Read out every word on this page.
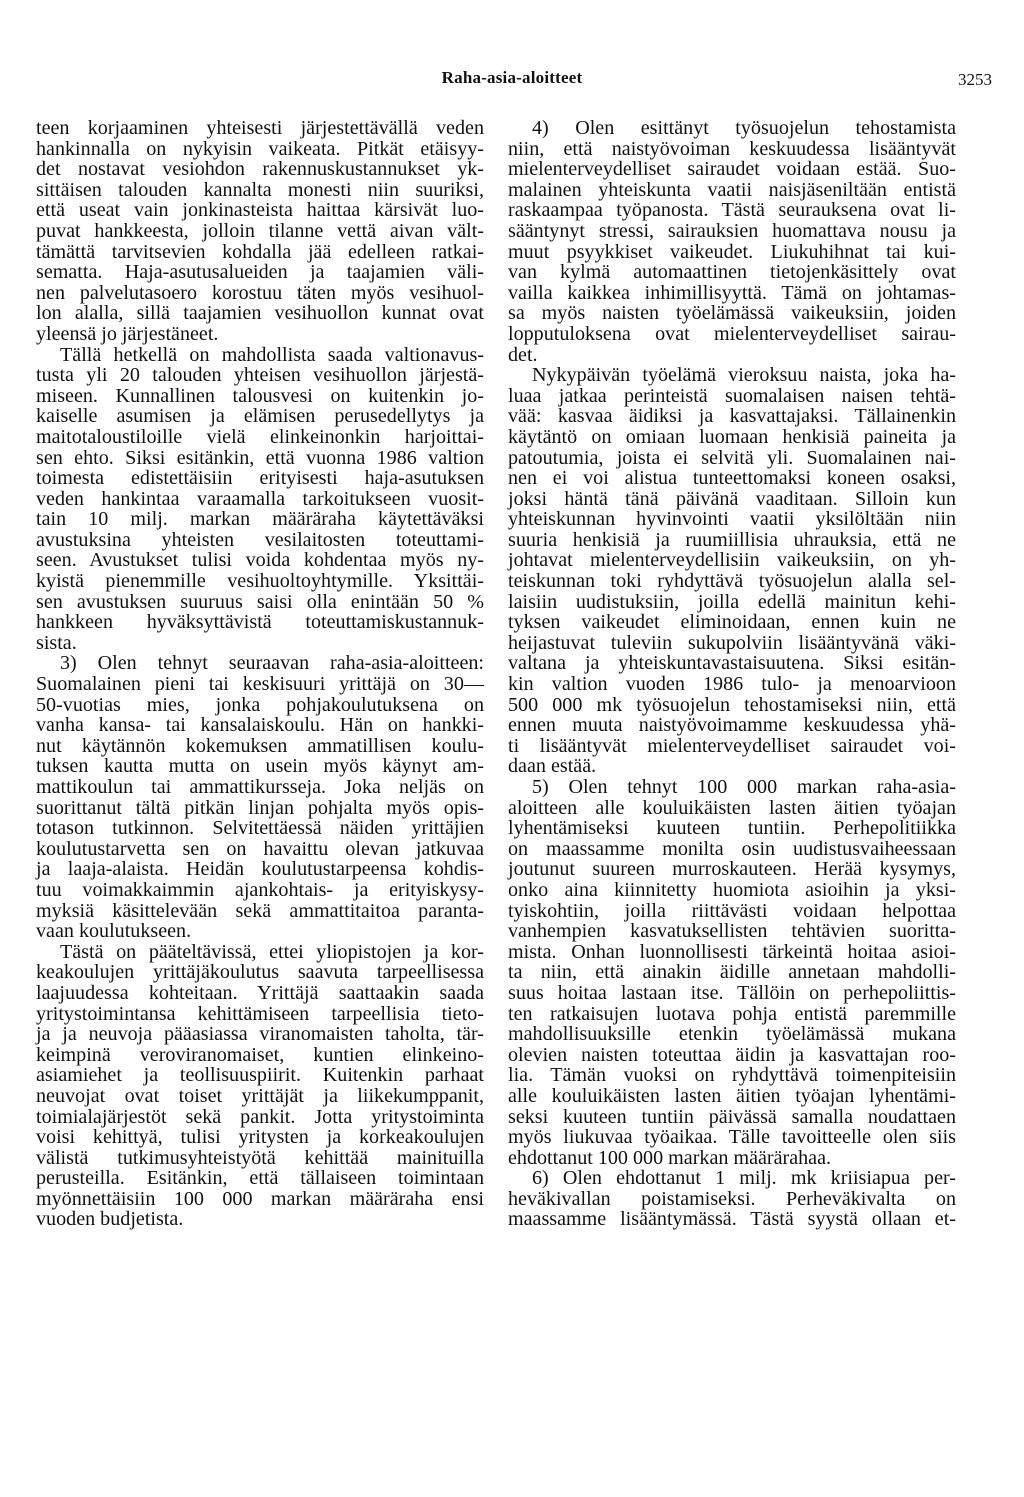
Raha-asia-aloitteet	3253
teen korjaaminen yhteisesti järjestettävällä veden
hankinnalla on nykyisin vaikeata. Pitkät etäisyy-
det nostavat vesiohdon rakennuskustannukset yk-
sittäisen talouden kannalta monesti niin suuriksi,
että useat vain jonkinasteista haittaa kärsivät luo-
puvat hankkeesta, jolloin tilanne vettä aivan vält-
tämättä tarvitsevien kohdalla jää edelleen ratkai-
sematta. Haja-asutusalueiden ja taajamien väli-
nen palvelutasoero korostuu täten myös vesihuol-
lon alalla, sillä taajamien vesihuollon kunnat ovat
yleensä jo järjestäneet.
Tällä hetkellä on mahdollista saada valtionavus-
tusta yli 20 talouden yhteisen vesihuollon järjestä-
miseen. Kunnallinen talousvesi on kuitenkin jo-
kaiselle asumisen ja elämisen perusedellytys ja
maitotaloustiloille vielä elinkeinonkin harjoittai-
sen ehto. Siksi esitänkin, että vuonna 1986 valtion
toimesta edistettäisiin erityisesti haja-asutuksen
veden hankintaa varaamalla tarkoitukseen vuosit-
tain 10 milj. markan määräraha käytettäväksi
avustuksina yhteisten vesilaitosten toteuttami-
seen. Avustukset tulisi voida kohdentaa myös ny-
kyistä pienemmille vesihuoltoyhtymille. Yksittäi-
sen avustuksen suuruus saisi olla enintään 50 %
hankkeen hyväksyttävistä toteuttamiskustannuk-
sista.
3) Olen tehnyt seuraavan raha-asia-aloitteen:
Suomalainen pieni tai keskisuuri yrittäjä on 30—
50-vuotias mies, jonka pohjakoulutuksena on
vanha kansa- tai kansalaiskoulu. Hän on hankki-
nut käytännön kokemuksen ammatillisen koulu-
tuksen kautta mutta on usein myös käynyt am-
mattikoulun tai ammattikursseja. Joka neljäs on
suorittanut tältä pitkän linjan pohjalta myös opis-
totason tutkinnon. Selvitettäessä näiden yrittäjien
koulutustarvetta sen on havaittu olevan jatkuvaa
ja laaja-alaista. Heidän koulutustarpeensa kohdis-
tuu voimakkaimmin ajankohtais- ja erityiskysy-
myksiä käsittelevään sekä ammattitaitoa paranta-
vaan koulutukseen.
Tästä on pääteltävissä, ettei yliopistojen ja kor-
keakoulujen yrittäjäkoulutus saavuta tarpeellisessa
laajuudessa kohteitaan. Yrittäjä saattaakin saada
yritystoimintansa kehittämiseen tarpeellisia tieto-
ja ja neuvoja pääasiassa viranomaisten taholta, tär-
keimpinä veroviranomaiset, kuntien elinkeino-
asiamiehet ja teollisuuspiirit. Kuitenkin parhaat
neuvojat ovat toiset yrittäjät ja liikekumppanit,
toimialajärjestöt sekä pankit. Jotta yritystoiminta
voisi kehittyä, tulisi yritysten ja korkeakoulujen
välistä tutkimusyhteistyötä kehittää mainituilla
perusteilla. Esitänkin, että tällaiseen toimintaan
myönnettäisiin 100 000 markan määräraha ensi
vuoden budjetista.
4) Olen esittänyt työsuojelun tehostamista
niin, että naistyövoiman keskuudessa lisääntyvät
mielenterveydelliset sairaudet voidaan estää. Suo-
malainen yhteiskunta vaatii naisjäseniltään entistä
raskaampaa työpanosta. Tästä seurauksena ovat li-
sääntynyt stressi, sairauksien huomattava nousu ja
muut psyykkiset vaikeudet. Liukuhihnat tai kui-
van kylmä automaattinen tietojenkäsittely ovat
vailla kaikkea inhimillisyyttä. Tämä on johtamas-
sa myös naisten työelämässä vaikeuksiin, joiden
lopputuloksena ovat mielenterveydelliset sairau-
det.
Nykypäivän työelämä vieroksuu naista, joka ha-
luaa jatkaa perinteistä suomalaisen naisen tehtä-
vää: kasvaa äidiksi ja kasvattajaksi. Tällainenkin
käytäntö on omiaan luomaan henkisiä paineita ja
patoutumia, joista ei selvitä yli. Suomalainen nai-
nen ei voi alistua tunteettomaksi koneen osaksi,
joksi häntä tänä päivänä vaaditaan. Silloin kun
yhteiskunnan hyvinvointi vaatii yksilöltään niin
suuria henkisiä ja ruumiillisia uhrauksia, että ne
johtavat mielenterveydellisiin vaikeuksiin, on yh-
teiskunnan toki ryhdyttävä työsuojelun alalla sel-
laisiin uudistuksiin, joilla edellä mainitun kehi-
tyksen vaikeudet eliminoidaan, ennen kuin ne
heijastuvat tuleviin sukupolviin lisääntyvänä väki-
valtana ja yhteiskuntavastaisuutena. Siksi esitän-
kin valtion vuoden 1986 tulo- ja menoarvioon
500 000 mk työsuojelun tehostamiseksi niin, että
ennen muuta naistyövoimamme keskuudessa yhä-
ti lisääntyvät mielenterveydelliset sairaudet voi-
daan estää.
5) Olen tehnyt 100 000 markan raha-asia-
aloitteen alle kouluikäisten lasten äitien työajan
lyhentämiseksi kuuteen tuntiin. Perhepolitiikka
on maassamme monilta osin uudistusvaiheessaan
joutunut suureen murroskauteen. Herää kysymys,
onko aina kiinnitetty huomiota asioihin ja yksi-
tyiskohtiin, joilla riittävästi voidaan helpottaa
vanhempien kasvatuksellisten tehtävien suoritta-
mista. Onhan luonnollisesti tärkeintä hoitaa asioi-
ta niin, että ainakin äidille annetaan mahdolli-
suus hoitaa lastaan itse. Tällöin on perhepoliittis-
ten ratkaisujen luotava pohja entistä paremmille
mahdollisuuksille etenkin työelämässä mukana
olevien naisten toteuttaa äidin ja kasvattajan roo-
lia. Tämän vuoksi on ryhdyttävä toimenpiteisiin
alle kouluikäisten lasten äitien työajan lyhentämi-
seksi kuuteen tuntiin päivässä samalla noudattaen
myös liukuvaa työaikaa. Tälle tavoitteelle olen siis
ehdottanut 100 000 markan määrärahaa.
6) Olen ehdottanut 1 milj. mk kriisiapua per-
heväkivallan poistamiseksi. Perheväkivalta on
maassamme lisääntymässä. Tästä syystä ollaan et-
